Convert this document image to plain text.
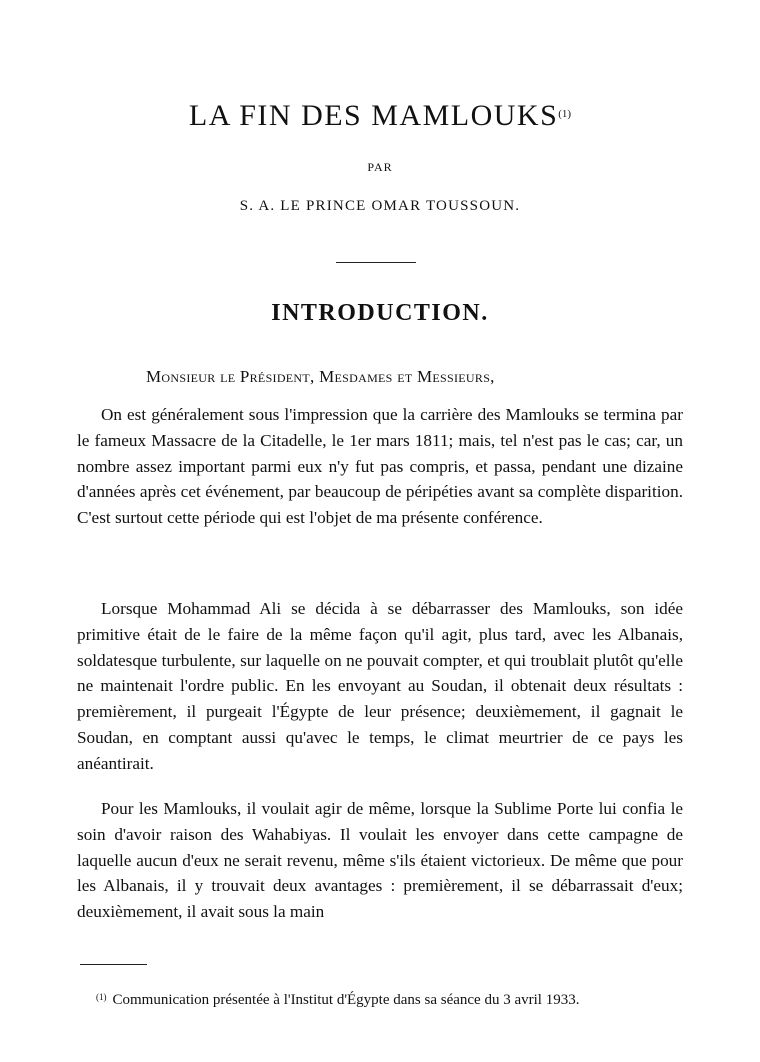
LA FIN DES MAMLOUKS$^{(1)}$
PAR
S. A. LE PRINCE OMAR TOUSSOUN.
INTRODUCTION.
Monsieur le Président, Mesdames et Messieurs,

On est généralement sous l'impression que la carrière des Mamlouks se termina par le fameux Massacre de la Citadelle, le 1er mars 1811; mais, tel n'est pas le cas; car, un nombre assez important parmi eux n'y fut pas compris, et passa, pendant une dizaine d'années après cet événement, par beaucoup de péripéties avant sa complète disparition. C'est surtout cette période qui est l'objet de ma présente conférence.

Lorsque Mohammad Ali se décida à se débarrasser des Mamlouks, son idée primitive était de le faire de la même façon qu'il agit, plus tard, avec les Albanais, soldatesque turbulente, sur laquelle on ne pouvait compter, et qui troublait plutôt qu'elle ne maintenait l'ordre public. En les envoyant au Soudan, il obtenait deux résultats : premièrement, il purgeait l'Égypte de leur présence; deuxièmement, il gagnait le Soudan, en comptant aussi qu'avec le temps, le climat meurtrier de ce pays les anéantirait.

Pour les Mamlouks, il voulait agir de même, lorsque la Sublime Porte lui confia le soin d'avoir raison des Wahabiyas. Il voulait les envoyer dans cette campagne de laquelle aucun d'eux ne serait revenu, même s'ils étaient victorieux. De même que pour les Albanais, il y trouvait deux avantages : premièrement, il se débarrassait d'eux; deuxièmement, il avait sous la main

$^{(1)}$ Communication présentée à l'Institut d'Égypte dans sa séance du 3 avril 1933.
